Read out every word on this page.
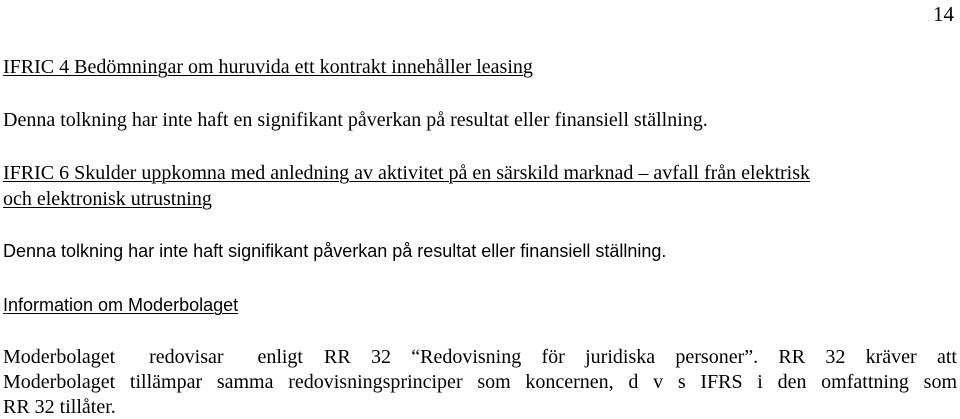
14
IFRIC 4 Bedömningar om huruvida ett kontrakt innehåller leasing
Denna tolkning har inte haft en signifikant påverkan på resultat eller finansiell ställning.
IFRIC 6 Skulder uppkomna med anledning av aktivitet på en särskild marknad – avfall från elektrisk
och elektronisk utrustning
Denna tolkning har inte haft signifikant påverkan på resultat eller finansiell ställning.
Information om Moderbolaget
Moderbolaget redovisar enligt RR 32 “Redovisning för juridiska personer”. RR 32 kräver att
Moderbolaget tillämpar samma redovisningsprinciper som koncernen, d v s IFRS i den omfattning som
RR 32 tillåter.
